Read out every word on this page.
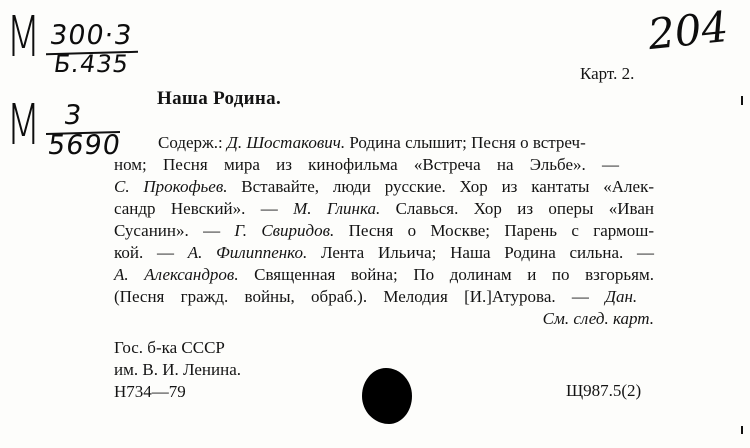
M 300·3
Б.435
M 3
5690
204
Карт. 2.
Наша Родина.
Содерж.: Д. Шостакович. Родина слышит; Песня о встреч-
ном; Песня мира из кинофильма «Встреча на Эльбе». —
С. Прокофьев. Вставайте, люди русские. Хор из кантаты «Алек-
сандр Невский». — М. Глинка. Славься. Хор из оперы «Иван
Сусанин». — Г. Свиридов. Песня о Москве; Парень с гармош-
кой. — А. Филиппенко. Лента Ильича; Наша Родина сильна. —
А. Александров. Священная война; По долинам и по взгорьям.
(Песня гражд. войны, обраб.). Мелодия [И.]Атурова. — Дан.
См. след. карт.
Гос. б-ка СССР
им. В. И. Ленина.
Н734—79	Щ987.5(2)
